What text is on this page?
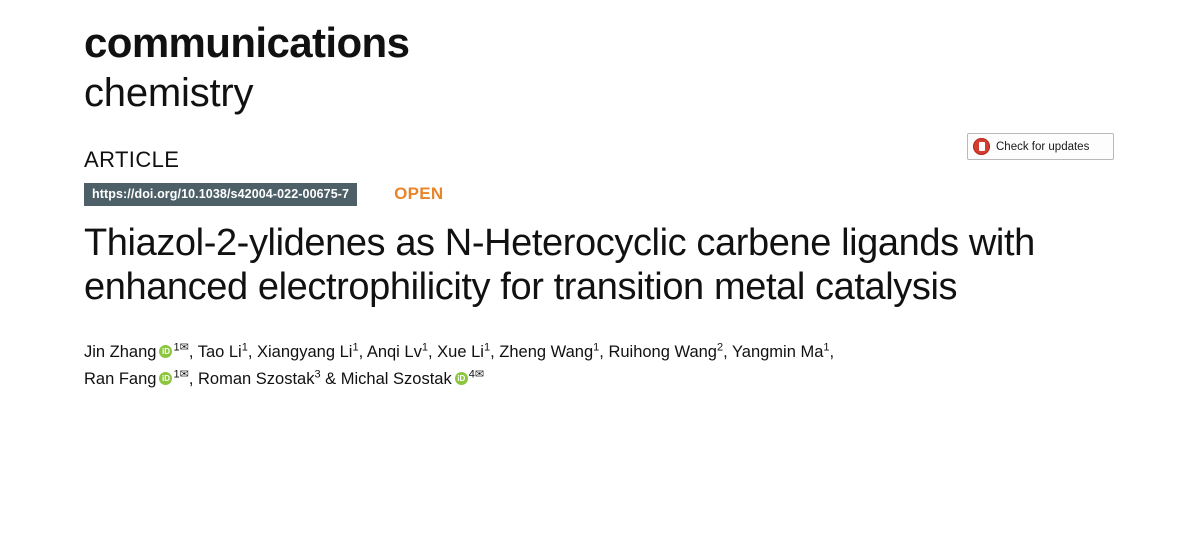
communications
chemistry
ARTICLE
Check for updates
https://doi.org/10.1038/s42004-022-00675-7	OPEN
Thiazol-2-ylidenes as N-Heterocyclic carbene ligands with enhanced electrophilicity for transition metal catalysis
Jin Zhang iD $^{1✉}$, Tao Li$^1$, Xiangyang Li$^1$, Anqi Lv$^1$, Xue Li$^1$, Zheng Wang$^1$, Ruihong Wang$^2$, Yangmin Ma$^1$,
Ran Fang iD $^{1✉}$, Roman Szostak$^3$ & Michal Szostak iD $^{4✉}$
